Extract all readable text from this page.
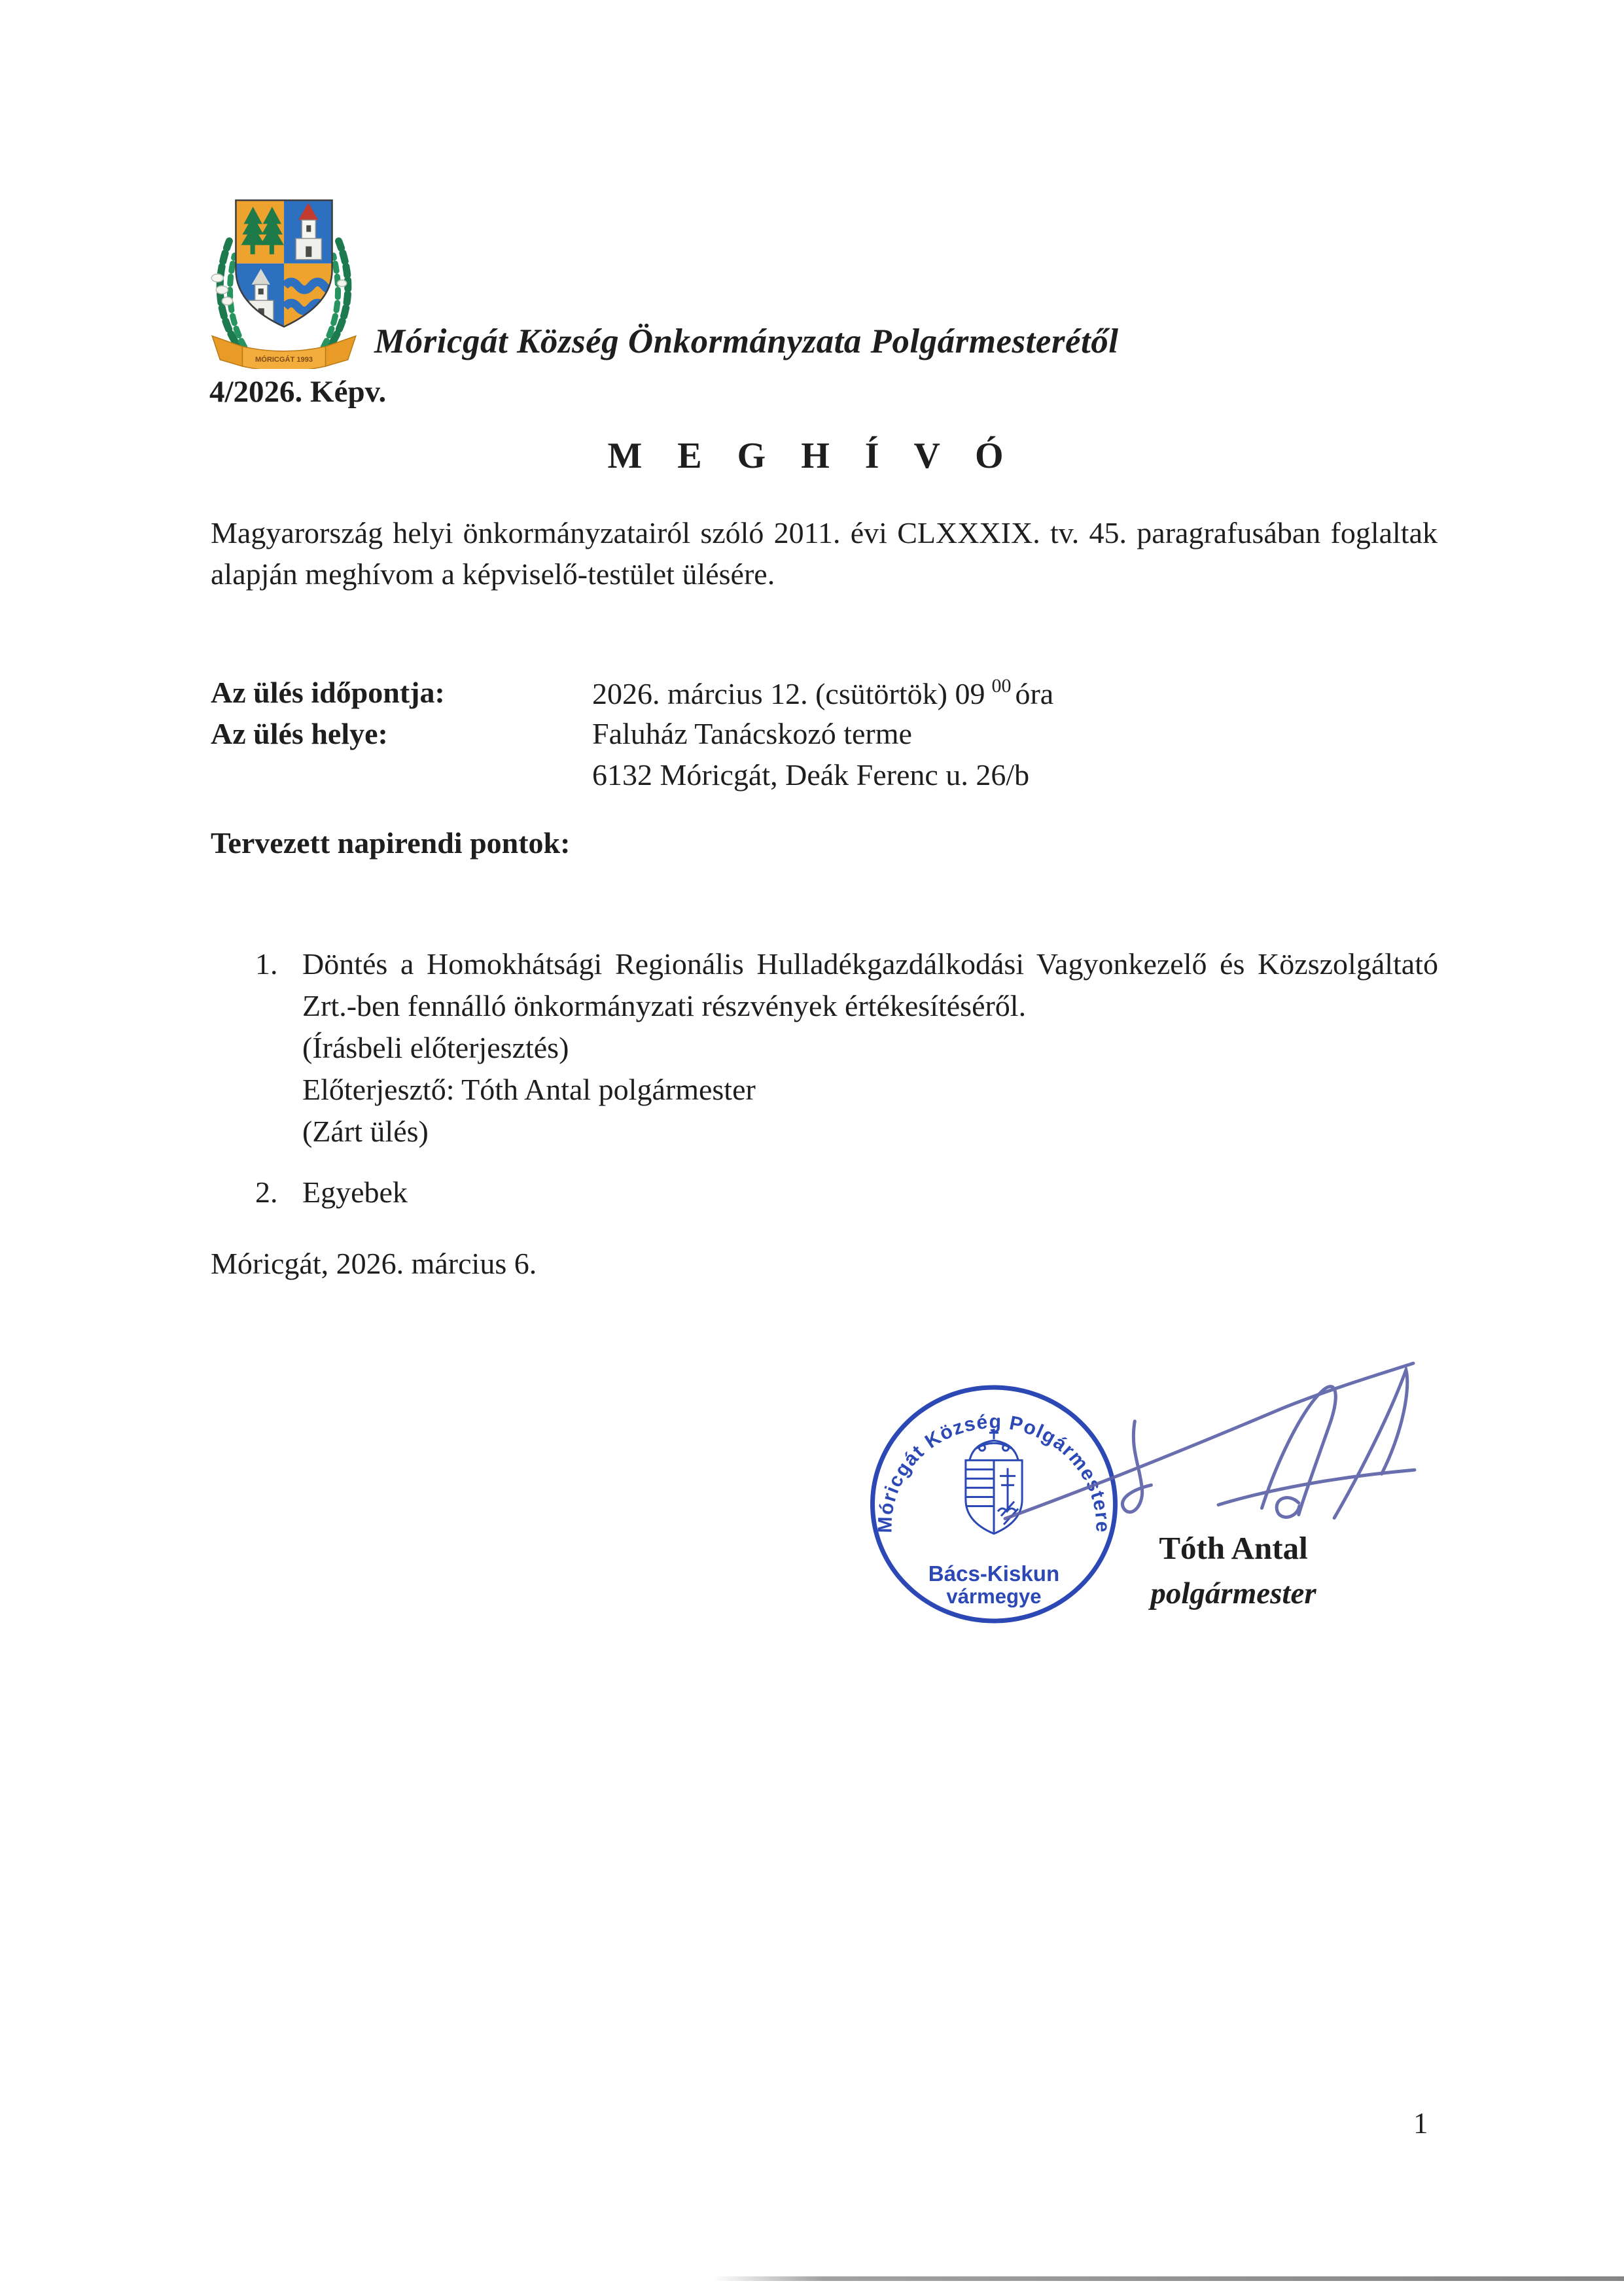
MÓRICGÁT 1993 Móricgát Község Önkormányzata Polgármesterétől
4/2026. Képv.
M E G H Í V Ó
Magyarország helyi önkormányzatairól szóló 2011. évi CLXXXIX. tv. 45. paragrafusában foglaltak alapján meghívom a képviselő-testület ülésére.
Az ülés időpontja:	2026. március 12. (csütörtök) 09 $^{00}$ óra
Az ülés helye:	Faluház Tanácskozó terme
6132 Móricgát, Deák Ferenc u. 26/b
Tervezett napirendi pontok:
1. Döntés a Homokhátsági Regionális Hulladékgazdálkodási Vagyonkezelő és Közszolgáltató Zrt.-ben fennálló önkormányzati részvények értékesítéséről.
(Írásbeli előterjesztés)
Előterjesztő: Tóth Antal polgármester
(Zárt ülés)
2. Egyebek
Móricgát, 2026. március 6.
Móricgát Község Polgármestere
Bács-Kiskun
vármegye
Tóth Antal
polgármester
1
